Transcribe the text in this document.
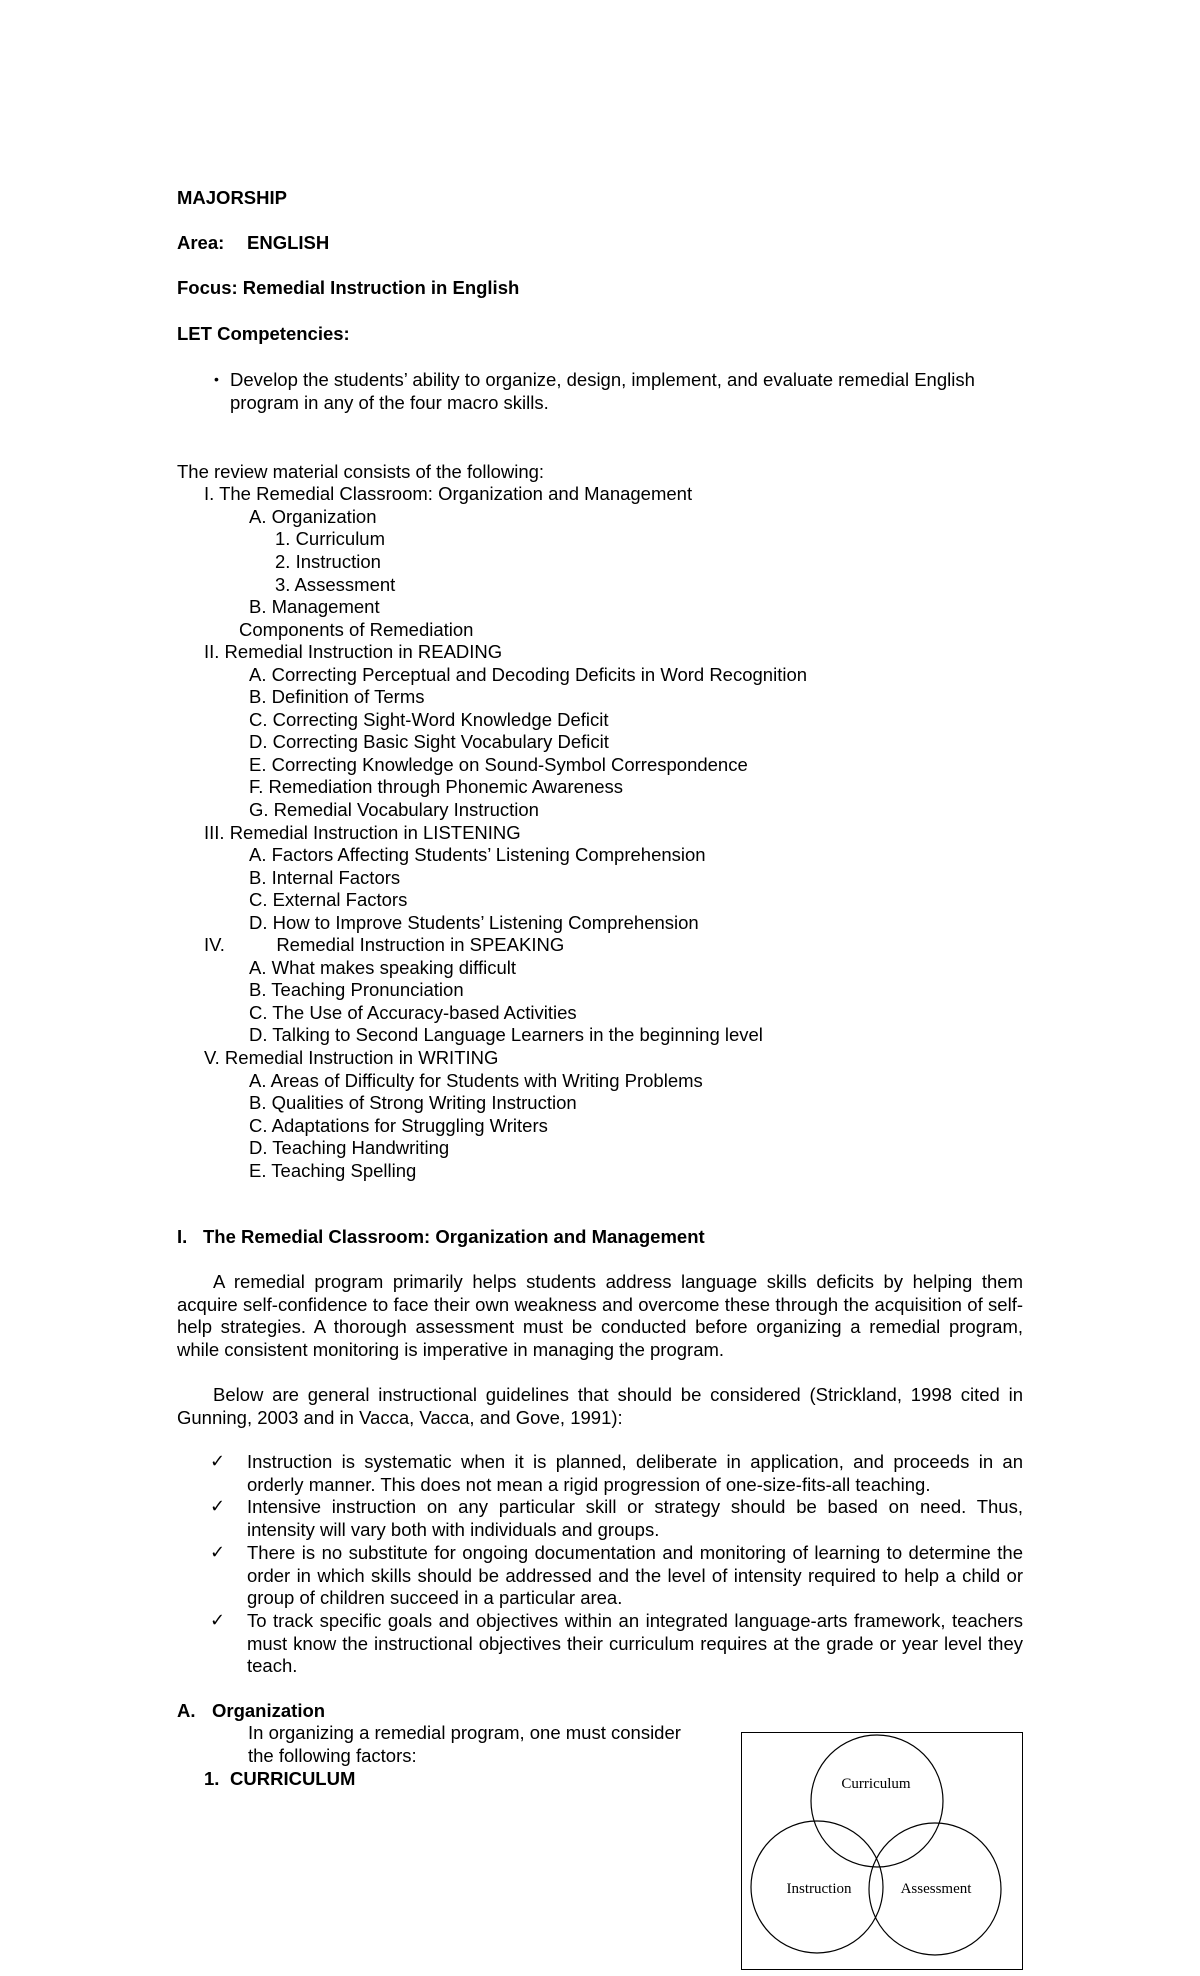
MAJORSHIP
Area: ENGLISH
Focus: Remedial Instruction in English
LET Competencies:
• Develop the students’ ability to organize, design, implement, and evaluate remedial English
program in any of the four macro skills.
The review material consists of the following:
I. The Remedial Classroom: Organization and Management
A. Organization
1. Curriculum
2. Instruction
3. Assessment
B. Management
Components of Remediation
II. Remedial Instruction in READING
A. Correcting Perceptual and Decoding Deficits in Word Recognition
B. Definition of Terms
C. Correcting Sight-Word Knowledge Deficit
D. Correcting Basic Sight Vocabulary Deficit
E. Correcting Knowledge on Sound-Symbol Correspondence
F. Remediation through Phonemic Awareness
G. Remedial Vocabulary Instruction
III. Remedial Instruction in LISTENING
A. Factors Affecting Students’ Listening Comprehension
B. Internal Factors
C. External Factors
D. How to Improve Students’ Listening Comprehension
IV.          Remedial Instruction in SPEAKING
A. What makes speaking difficult
B. Teaching Pronunciation
C. The Use of Accuracy-based Activities
D. Talking to Second Language Learners in the beginning level
V. Remedial Instruction in WRITING
A. Areas of Difficulty for Students with Writing Problems
B. Qualities of Strong Writing Instruction
C. Adaptations for Struggling Writers
D. Teaching Handwriting
E. Teaching Spelling
I. The Remedial Classroom: Organization and Management
A remedial program primarily helps students address language skills deficits by helping them acquire self-confidence to face their own weakness and overcome these through the acquisition of self-help strategies. A thorough assessment must be conducted before organizing a remedial program, while consistent monitoring is imperative in managing the program.
Below are general instructional guidelines that should be considered (Strickland, 1998 cited in Gunning, 2003 and in Vacca, Vacca, and Gove, 1991):
✓ Instruction is systematic when it is planned, deliberate in application, and proceeds in an orderly manner. This does not mean a rigid progression of one-size-fits-all teaching.
✓ Intensive instruction on any particular skill or strategy should be based on need. Thus, intensity will vary both with individuals and groups.
✓ There is no substitute for ongoing documentation and monitoring of learning to determine the order in which skills should be addressed and the level of intensity required to help a child or group of children succeed in a particular area.
✓ To track specific goals and objectives within an integrated language-arts framework, teachers must know the instructional objectives their curriculum requires at the grade or year level they teach.
A. Organization
In organizing a remedial program, one must consider
the following factors:
1. CURRICULUM	Curriculum
Instruction	Assessment
